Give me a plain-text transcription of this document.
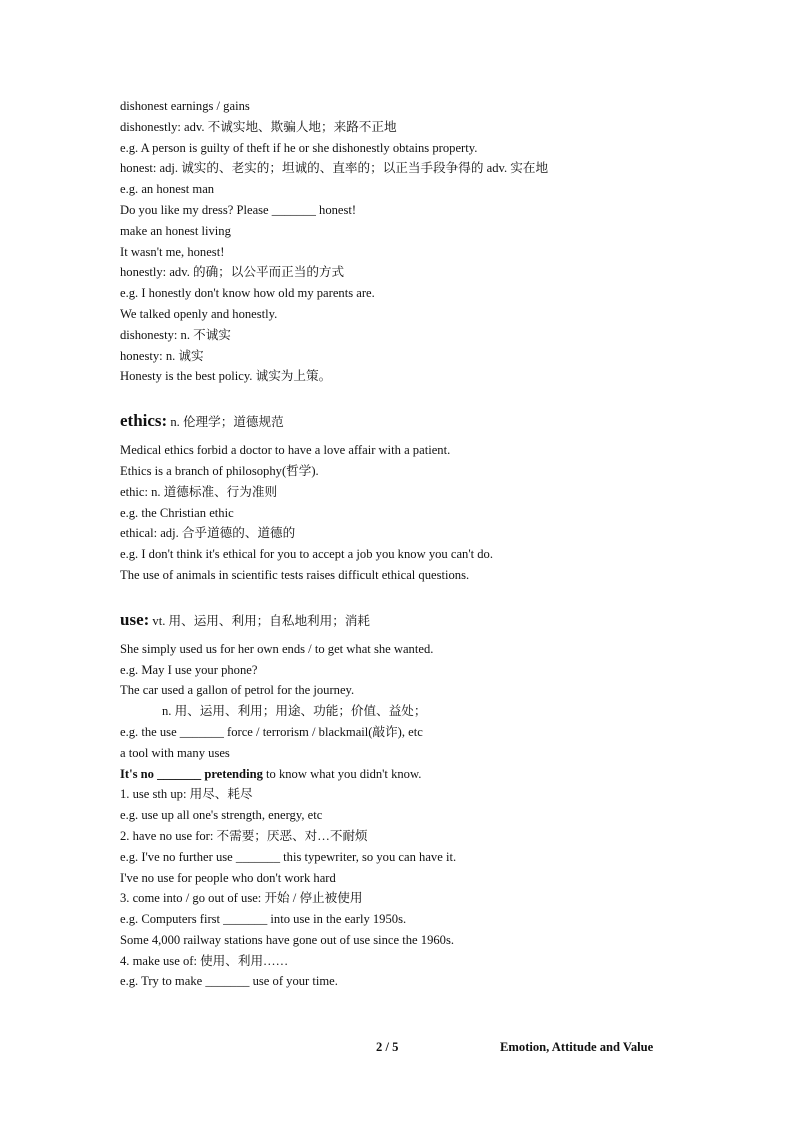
dishonest earnings / gains
dishonestly: adv. 不诚实地、欺骗人地；来路不正地
e.g. A person is guilty of theft if he or she dishonestly obtains property.
honest: adj. 诚实的、老实的；坦诚的、直率的；以正当手段争得的 adv. 实在地
e.g. an honest man
Do you like my dress? Please _______ honest!
make an honest living
It wasn't me, honest!
honestly: adv. 的确；以公平而正当的方式
e.g. I honestly don't know how old my parents are.
We talked openly and honestly.
dishonesty: n. 不诚实
honesty: n. 诚实
Honesty is the best policy. 诚实为上策。
ethics: n. 伦理学；道德规范
Medical ethics forbid a doctor to have a love affair with a patient.
Ethics is a branch of philosophy(哲学).
ethic: n. 道德标准、行为准则
e.g. the Christian ethic
ethical: adj. 合乎道德的、道德的
e.g. I don't think it's ethical for you to accept a job you know you can't do.
The use of animals in scientific tests raises difficult ethical questions.
use: vt. 用、运用、利用；自私地利用；消耗
She simply used us for her own ends / to get what she wanted.
e.g. May I use your phone?
The car used a gallon of petrol for the journey.
n. 用、运用、利用；用途、功能；价值、益处；
e.g. the use _______ force / terrorism / blackmail(敲诈), etc
a tool with many uses
It's no _______ pretending to know what you didn't know.
1. use sth up: 用尽、耗尽
e.g. use up all one's strength, energy, etc
2. have no use for: 不需要；厌恶、对…不耐烦
e.g. I've no further use _______ this typewriter, so you can have it.
I've no use for people who don't work hard
3. come into / go out of use: 开始 / 停止被使用
e.g. Computers first _______ into use in the early 1950s.
Some 4,000 railway stations have gone out of use since the 1960s.
4. make use of: 使用、利用……
e.g. Try to make _______ use of your time.
2 / 5	Emotion, Attitude and Value
